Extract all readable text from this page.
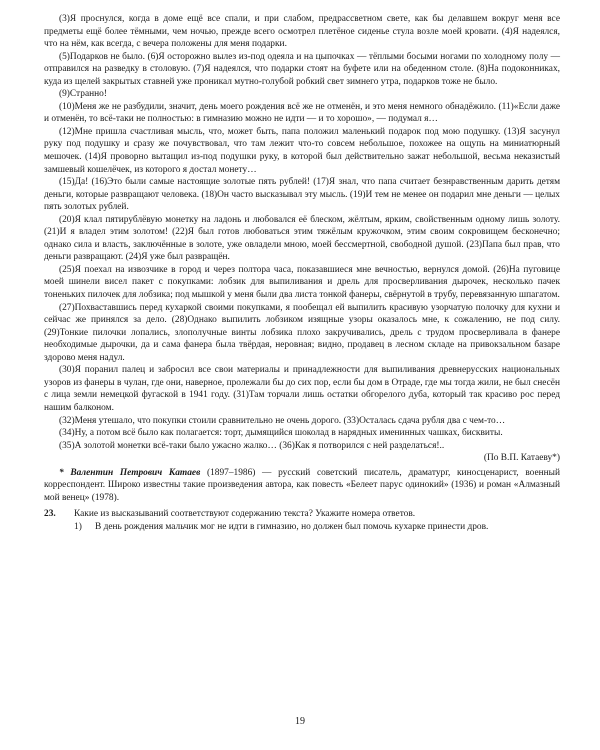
(3)Я проснулся, когда в доме ещё все спали, и при слабом, предрассветном свете, как бы делавшем вокруг меня все предметы ещё более тёмными, чем ночью, прежде всего осмотрел плетёное сиденье стула возле моей кровати. (4)Я надеялся, что на нём, как всегда, с вечера положены для меня подарки.

(5)Подарков не было. (6)Я осторожно вылез из-под одеяла и на цыпочках — тёплыми босыми ногами по холодному полу — отправился на разведку в столовую. (7)Я надеялся, что подарки стоят на буфете или на обеденном столе. (8)На подоконниках, куда из щелей закрытых ставней уже проникал мутно-голубой робкий свет зимнего утра, подарков тоже не было.

(9)Странно!

(10)Меня же не разбудили, значит, день моего рождения всё же не отменён, и это меня немного обнадёжило. (11)«Если даже и отменён, то всё-таки не полностью: в гимназию можно не идти — и то хорошо», — подумал я…

(12)Мне пришла счастливая мысль, что, может быть, папа положил маленький подарок под мою подушку. (13)Я засунул руку под подушку и сразу же почувствовал, что там лежит что-то совсем небольшое, похожее на ощупь на миниатюрный мешочек. (14)Я проворно вытащил из-под подушки руку, в которой был действительно зажат небольшой, весьма неказистый замшевый кошелёчек, из которого я достал монету…

(15)Да! (16)Это были самые настоящие золотые пять рублей! (17)Я знал, что папа считает безнравственным дарить детям деньги, которые развращают человека. (18)Он часто высказывал эту мысль. (19)И тем не менее он подарил мне деньги — целых пять золотых рублей.

(20)Я клал пятирублёвую монетку на ладонь и любовался её блеском, жёлтым, ярким, свойственным одному лишь золоту. (21)И я владел этим золотом! (22)Я был готов любоваться этим тяжёлым кружочком, этим своим сокровищем бесконечно; однако сила и власть, заключённые в золоте, уже овладели мною, моей бессмертной, свободной душой. (23)Папа был прав, что деньги развращают. (24)Я уже был развращён.

(25)Я поехал на извозчике в город и через полтора часа, показавшиеся мне вечностью, вернулся домой. (26)На пуговице моей шинели висел пакет с покупками: лобзик для выпиливания и дрель для просверливания дырочек, несколько пачек тоненьких пилочек для лобзика; под мышкой у меня были два листа тонкой фанеры, свёрнутой в трубу, перевязанную шпагатом.

(27)Похваставшись перед кухаркой своими покупками, я пообещал ей выпилить красивую узорчатую полочку для кухни и сейчас же принялся за дело. (28)Однако выпилить лобзиком изящные узоры оказалось мне, к сожалению, не под силу. (29)Тонкие пилочки лопались, злополучные винты лобзика плохо закручивались, дрель с трудом просверливала в фанере необходимые дырочки, да и сама фанера была твёрдая, неровная; видно, продавец в лесном складе на привокзальном базаре здорово меня надул.

(30)Я поранил палец и забросил все свои материалы и принадлежности для выпиливания древнерусских национальных узоров из фанеры в чулан, где они, наверное, пролежали бы до сих пор, если бы дом в Отраде, где мы тогда жили, не был снесён с лица земли немецкой фугаской в 1941 году. (31)Там торчали лишь остатки обгорелого дуба, который так красиво рос перед нашим балконом.

(32)Меня утешало, что покупки стоили сравнительно не очень дорого. (33)Осталась сдача рубля два с чем-то…

(34)Ну, а потом всё было как полагается: торт, дымящийся шоколад в нарядных именинных чашках, бисквиты.

(35)А золотой монетки всё-таки было ужасно жалко… (36)Как я потворился с ней разделаться!..

(По В.П. Катаеву*)

* Валентин Петрович Катаев (1897–1986) — русский советский писатель, драматург, киносценарист, военный корреспондент. Широко известны такие произведения автора, как повесть «Белеет парус одинокий» (1936) и роман «Алмазный мой венец» (1978).

23.	Какие из высказываний соответствуют содержанию текста? Укажите номера ответов.
1)	В день рождения мальчик мог не идти в гимназию, но должен был помочь кухарке принести дров.
19
